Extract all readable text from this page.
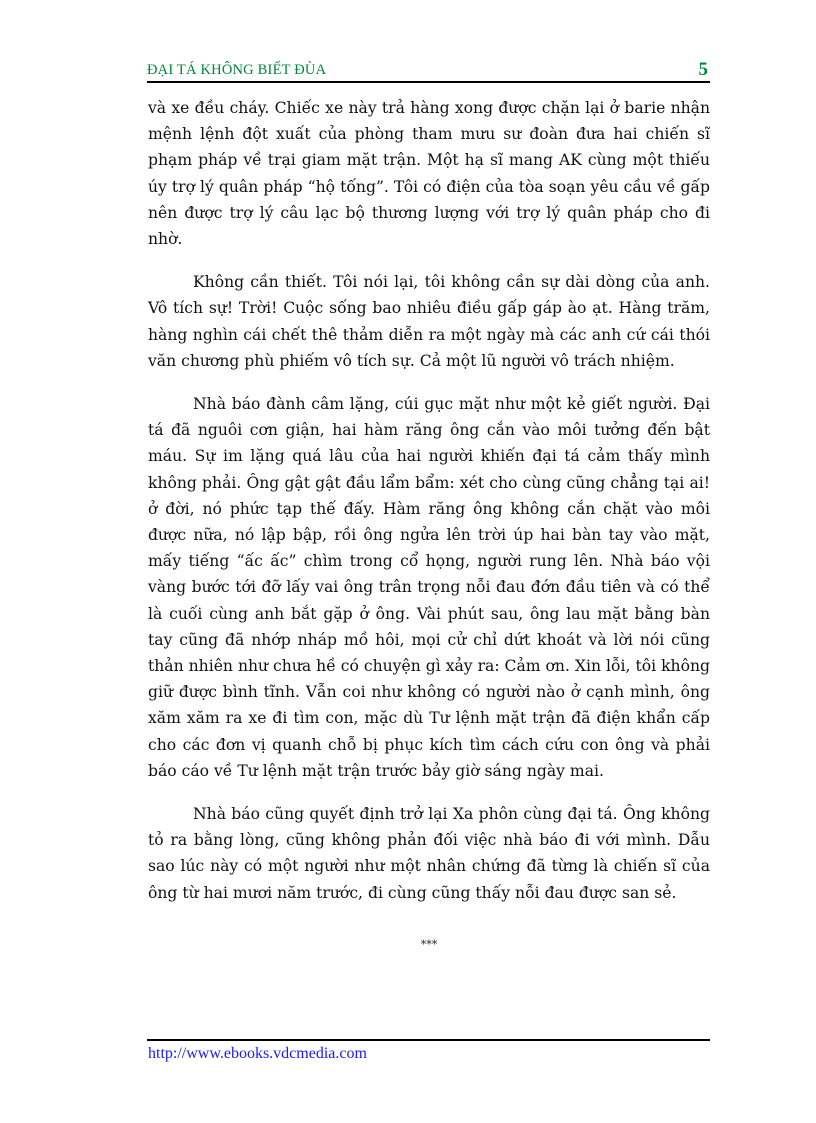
ĐẠI TÁ KHÔNG BIẾT ĐÙA	5

và xe đều cháy. Chiếc xe này trả hàng xong được chặn lại ở barie nhận mệnh lệnh đột xuất của phòng tham mưu sư đoàn đưa hai chiến sĩ phạm pháp về trại giam mặt trận. Một hạ sĩ mang AK cùng một thiếu úy trợ lý quân pháp “hộ tống”. Tôi có điện của tòa soạn yêu cầu về gấp nên được trợ lý câu lạc bộ thương lượng với trợ lý quân pháp cho đi nhờ.

Không cần thiết. Tôi nói lại, tôi không cần sự dài dòng của anh. Vô tích sự! Trời! Cuộc sống bao nhiêu điều gấp gáp ào ạt. Hàng trăm, hàng nghìn cái chết thê thảm diễn ra một ngày mà các anh cứ cái thói văn chương phù phiếm vô tích sự. Cả một lũ người vô trách nhiệm.

Nhà báo đành câm lặng, cúi gục mặt như một kẻ giết người. Đại tá đã nguôi cơn giận, hai hàm răng ông cắn vào môi tưởng đến bật máu. Sự im lặng quá lâu của hai người khiến đại tá cảm thấy mình không phải. Ông gật gật đầu lẩm bẩm: xét cho cùng cũng chẳng tại ai! ở đời, nó phức tạp thế đấy. Hàm răng ông không cắn chặt vào môi được nữa, nó lập bập, rồi ông ngửa lên trời úp hai bàn tay vào mặt, mấy tiếng “ấc ấc” chìm trong cổ họng, người rung lên. Nhà báo vội vàng bước tới đỡ lấy vai ông trân trọng nỗi đau đớn đầu tiên và có thể là cuối cùng anh bắt gặp ở ông. Vài phút sau, ông lau mặt bằng bàn tay cũng đã nhớp nháp mồ hôi, mọi cử chỉ dứt khoát và lời nói cũng thản nhiên như chưa hề có chuyện gì xảy ra: Cảm ơn. Xin lỗi, tôi không giữ được bình tĩnh. Vẫn coi như không có người nào ở cạnh mình, ông xăm xăm ra xe đi tìm con, mặc dù Tư lệnh mặt trận đã điện khẩn cấp cho các đơn vị quanh chỗ bị phục kích tìm cách cứu con ông và phải báo cáo về Tư lệnh mặt trận trước bảy giờ sáng ngày mai.

Nhà báo cũng quyết định trở lại Xa phôn cùng đại tá. Ông không tỏ ra bằng lòng, cũng không phản đối việc nhà báo đi với mình. Dẫu sao lúc này có một người như một nhân chứng đã từng là chiến sĩ của ông từ hai mươi năm trước, đi cùng cũng thấy nỗi đau được san sẻ.

***
http://www.ebooks.vdcmedia.com
